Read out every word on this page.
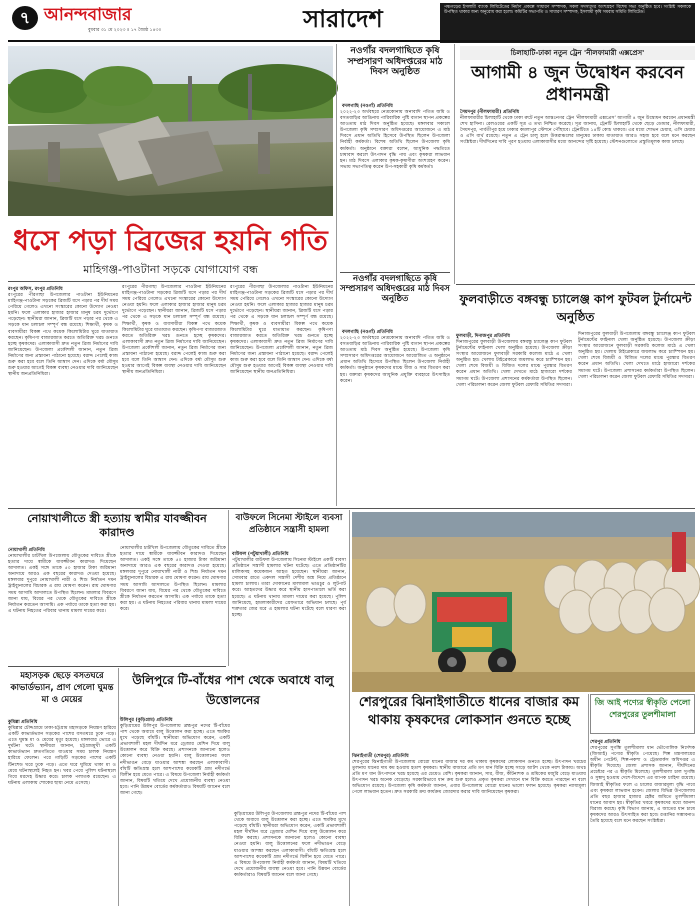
৭ আনন্দবাজার
বুধবার ৩১ মে ২০২৩ ॥ ১৭ জ্যৈষ্ঠ ১৪৩০	সারাদেশ	পঞ্চগড়ের ইসলামী ব্যাংক লিমিটেডের নির্মাণ প্রকল্পে সাধারণ সম্পাদক, সকল সদস্যদের অংশগ্রহণ বিশেষ সভা অনুষ্ঠিত হবে। সংশ্লিষ্ট সকলকে উপস্থিত থাকার জন্য অনুরোধ করা হলো। কমিটির সভাপতি ও সাধারণ সম্পাদক, ইসলামী কৃষি সমবায় সমিতি লিমিটেড।
ধসে পড়া ব্রিজের হয়নি গতি
মাহিগঞ্জ-পাওটানা সড়কে যোগাযোগ বন্ধ
রংপুর অফিস, রংপুর প্রতিনিধি
রংপুরের পীরগাছা উপজেলার পাওটানা ইউনিয়নের মাহিগঞ্জ-পাওটানা সড়কের ব্রিজটি ধসে পড়ার পর দীর্ঘ সময় পেরিয়ে গেলেও এখনো সংস্কারের কোনো উদ্যোগ নেওয়া হয়নি। ফলে এলাকার হাজার হাজার মানুষ চরম দুর্ভোগে পড়েছেন। স্থানীয়রা জানান, ব্রিজটি ধসে পড়ার পর থেকে এ সড়কে যান চলাচল সম্পূর্ণ বন্ধ রয়েছে। শিক্ষার্থী, কৃষক ও ব্যবসায়ীরা বিকল্প পথে কয়েক কিলোমিটার ঘুরে যাতায়াত করছেন। কৃষিপণ্য বাজারজাত করতে অতিরিক্ত খরচ গুনতে হচ্ছে কৃষকদের। এলাকাবাসী দ্রুত নতুন ব্রিজ নির্মাণের দাবি জানিয়েছেন। উপজেলা প্রকৌশলী জানান, নতুন ব্রিজ নির্মাণের জন্য প্রস্তাবনা পাঠানো হয়েছে। বরাদ্দ পেলেই কাজ শুরু করা হবে বলে তিনি আশ্বাস দেন। এদিকে বর্ষা মৌসুম শুরু হওয়ার আগেই বিকল্প ব্যবস্থা নেওয়ার দাবি জানিয়েছেন স্থানীয় জনপ্রতিনিধিরা।
রংপুরের পীরগাছা উপজেলার পাওটানা ইউনিয়নের মাহিগঞ্জ-পাওটানা সড়কের ব্রিজটি ধসে পড়ার পর দীর্ঘ সময় পেরিয়ে গেলেও এখনো সংস্কারের কোনো উদ্যোগ নেওয়া হয়নি। ফলে এলাকার হাজার হাজার মানুষ চরম দুর্ভোগে পড়েছেন। স্থানীয়রা জানান, ব্রিজটি ধসে পড়ার পর থেকে এ সড়কে যান চলাচল সম্পূর্ণ বন্ধ রয়েছে। শিক্ষার্থী, কৃষক ও ব্যবসায়ীরা বিকল্প পথে কয়েক কিলোমিটার ঘুরে যাতায়াত করছেন। কৃষিপণ্য বাজারজাত করতে অতিরিক্ত খরচ গুনতে হচ্ছে কৃষকদের। এলাকাবাসী দ্রুত নতুন ব্রিজ নির্মাণের দাবি জানিয়েছেন। উপজেলা প্রকৌশলী জানান, নতুন ব্রিজ নির্মাণের জন্য প্রস্তাবনা পাঠানো হয়েছে। বরাদ্দ পেলেই কাজ শুরু করা হবে বলে তিনি আশ্বাস দেন। এদিকে বর্ষা মৌসুম শুরু হওয়ার আগেই বিকল্প ব্যবস্থা নেওয়ার দাবি জানিয়েছেন স্থানীয় জনপ্রতিনিধিরা।
রংপুরের পীরগাছা উপজেলার পাওটানা ইউনিয়নের মাহিগঞ্জ-পাওটানা সড়কের ব্রিজটি ধসে পড়ার পর দীর্ঘ সময় পেরিয়ে গেলেও এখনো সংস্কারের কোনো উদ্যোগ নেওয়া হয়নি। ফলে এলাকার হাজার হাজার মানুষ চরম দুর্ভোগে পড়েছেন। স্থানীয়রা জানান, ব্রিজটি ধসে পড়ার পর থেকে এ সড়কে যান চলাচল সম্পূর্ণ বন্ধ রয়েছে। শিক্ষার্থী, কৃষক ও ব্যবসায়ীরা বিকল্প পথে কয়েক কিলোমিটার ঘুরে যাতায়াত করছেন। কৃষিপণ্য বাজারজাত করতে অতিরিক্ত খরচ গুনতে হচ্ছে কৃষকদের। এলাকাবাসী দ্রুত নতুন ব্রিজ নির্মাণের দাবি জানিয়েছেন। উপজেলা প্রকৌশলী জানান, নতুন ব্রিজ নির্মাণের জন্য প্রস্তাবনা পাঠানো হয়েছে। বরাদ্দ পেলেই কাজ শুরু করা হবে বলে তিনি আশ্বাস দেন। এদিকে বর্ষা মৌসুম শুরু হওয়ার আগেই বিকল্প ব্যবস্থা নেওয়ার দাবি জানিয়েছেন স্থানীয় জনপ্রতিনিধিরা।
নওগাঁর বদলগাছিতে কৃষি সম্প্রসারণ অধিদপ্তরের মাঠ দিবস অনুষ্ঠিত
বদলগাছি (নওগাঁ) প্রতিনিধি
২০২২-২৩ অর্থবছরে নেত্রকোনায় অনাবাদি পতিত জমি ও বসতবাড়ির আঙিনায় পারিবারিক পুষ্টি বাগান স্থাপন প্রকল্পের আওতায় মাঠ দিবস অনুষ্ঠিত হয়েছে। মঙ্গলবার সকালে উপজেলা কৃষি সম্প্রসারণ অধিদপ্তরের আয়োজনে এ মাঠ দিবসে প্রধান অতিথি হিসেবে উপস্থিত ছিলেন উপজেলা নির্বাহী কর্মকর্তা। বিশেষ অতিথি ছিলেন উপজেলা কৃষি কর্মকর্তা। অনুষ্ঠানে বক্তারা বলেন, আধুনিক পদ্ধতিতে চাষাবাদ করলে উৎপাদন বৃদ্ধি পায় এবং কৃষকরা লাভবান হন। মাঠ দিবসে এলাকার কৃষক-কৃষাণীরা অংশগ্রহণ করেন। সভায় সভাপতিত্ব করেন উপ-সহকারী কৃষি কর্মকর্তা।
নওগাঁর বদলগাছিতে কৃষি সম্প্রসারণ অধিদপ্তরের মাঠ দিবস অনুষ্ঠিত
বদলগাছি (নওগাঁ) প্রতিনিধি
২০২২-২৩ অর্থবছরে নেত্রকোনায় অনাবাদি পতিত জমি ও বসতবাড়ির আঙিনায় পারিবারিক পুষ্টি বাগান স্থাপন প্রকল্পের আওতায় মাঠ দিবস অনুষ্ঠিত হয়েছে। উপজেলা কৃষি সম্প্রসারণ অধিদপ্তরের আয়োজনে আয়োজিত এ অনুষ্ঠানে প্রধান অতিথি হিসেবে উপস্থিত ছিলেন উপজেলা নির্বাহী কর্মকর্তা। অনুষ্ঠানে কৃষকদের মাঝে বীজ ও সার বিতরণ করা হয়। বক্তারা কৃষকদের আধুনিক প্রযুক্তি ব্যবহারে উৎসাহিত করেন।
চিলাহাটি-ঢাকা নতুন ট্রেন 'নীলফামারী এক্সপ্রেস'
আগামী ৪ জুন উদ্বোধন করবেন প্রধানমন্ত্রী
সৈয়দপুর (নীলফামারী) প্রতিনিধি
নীলফামারীর চিলাহাটি থেকে ঢাকা রুটে নতুন আন্তঃনগর ট্রেন 'নীলফামারী এক্সপ্রেস' আগামী ৪ জুন উদ্বোধন করবেন প্রধানমন্ত্রী শেখ হাসিনা। রেলওয়ের একটি সূত্র এ তথ্য নিশ্চিত করেছে। সূত্র জানায়, ট্রেনটি চিলাহাটি থেকে ছেড়ে ডোমার, নীলফামারী, সৈয়দপুর, পার্বতীপুর হয়ে ঢাকার কমলাপুর স্টেশনে পৌঁছাবে। ট্রেনটিতে ১৪টি কোচ থাকবে। এর মধ্যে শোভন চেয়ার, এসি চেয়ার ও এসি বার্থ রয়েছে। নতুন এ ট্রেন চালু হলে উত্তরাঞ্চলের মানুষের ঢাকায় যাতায়াত আরও সহজ হবে বলে মনে করছেন সংশ্লিষ্টরা। দীর্ঘদিনের দাবি পূরণ হওয়ায় এলাকাবাসীর মধ্যে আনন্দের সৃষ্টি হয়েছে। স্টেশনগুলোতে প্রস্তুতিমূলক কাজ চলছে।
ফুলবাড়ীতে বঙ্গবন্ধু চ্যালেঞ্জ কাপ ফুটবল টুর্নামেন্ট অনুষ্ঠিত
ফুলবাড়ী, দিনাজপুর প্রতিনিধি
দিনাজপুরের ফুলবাড়ী উপজেলায় বঙ্গবন্ধু চ্যালেঞ্জ কাপ ফুটবল টুর্নামেন্টের ফাইনাল খেলা অনুষ্ঠিত হয়েছে। উপজেলা ক্রীড়া সংস্থার আয়োজনে ফুলবাড়ী সরকারি কলেজ মাঠে এ খেলা অনুষ্ঠিত হয়। খেলায় টাইব্রেকারে জয়লাভ করে চ্যাম্পিয়ন হয়। খেলা শেষে বিজয়ী ও বিজিত দলের মাঝে পুরস্কার বিতরণ করেন প্রধান অতিথি। খেলা দেখতে মাঠে হাজারো দর্শকের সমাগম ঘটে। উপজেলা প্রশাসনের কর্মকর্তারা উপস্থিত ছিলেন। খেলা পরিচালনা করেন জেলা ফুটবল রেফারি সমিতির সদস্যরা।
দিনাজপুরের ফুলবাড়ী উপজেলায় বঙ্গবন্ধু চ্যালেঞ্জ কাপ ফুটবল টুর্নামেন্টের ফাইনাল খেলা অনুষ্ঠিত হয়েছে। উপজেলা ক্রীড়া সংস্থার আয়োজনে ফুলবাড়ী সরকারি কলেজ মাঠে এ খেলা অনুষ্ঠিত হয়। খেলায় টাইব্রেকারে জয়লাভ করে চ্যাম্পিয়ন হয়। খেলা শেষে বিজয়ী ও বিজিত দলের মাঝে পুরস্কার বিতরণ করেন প্রধান অতিথি। খেলা দেখতে মাঠে হাজারো দর্শকের সমাগম ঘটে। উপজেলা প্রশাসনের কর্মকর্তারা উপস্থিত ছিলেন। খেলা পরিচালনা করেন জেলা ফুটবল রেফারি সমিতির সদস্যরা।
নোয়াখালীতে স্ত্রী হত্যায় স্বামীর যাবজ্জীবন কারাদণ্ড
নোয়াখালী প্রতিনিধি
নোয়াখালীর চাটখিল উপজেলায় যৌতুকের দাবিতে স্ত্রীকে হত্যার দায়ে স্বামীকে যাবজ্জীবন কারাদণ্ড দিয়েছেন আদালত। একই সঙ্গে তাকে ৫০ হাজার টাকা জরিমানা অনাদায়ে আরও এক বছরের কারাদণ্ড দেওয়া হয়েছে। মঙ্গলবার দুপুরে নোয়াখালী নারী ও শিশু নির্যাতন দমন ট্রাইব্যুনালের বিচারক এ রায় ঘোষণা করেন। রায় ঘোষণার সময় আসামি আদালতে উপস্থিত ছিলেন। মামলার বিবরণে জানা যায়, বিয়ের পর থেকে যৌতুকের দাবিতে স্ত্রীকে নির্যাতন করতেন আসামি। এক পর্যায়ে তাকে হত্যা করা হয়। এ ঘটনায় নিহতের পরিবার থানায় মামলা দায়ের করে।
নোয়াখালীর চাটখিল উপজেলায় যৌতুকের দাবিতে স্ত্রীকে হত্যার দায়ে স্বামীকে যাবজ্জীবন কারাদণ্ড দিয়েছেন আদালত। একই সঙ্গে তাকে ৫০ হাজার টাকা জরিমানা অনাদায়ে আরও এক বছরের কারাদণ্ড দেওয়া হয়েছে। মঙ্গলবার দুপুরে নোয়াখালী নারী ও শিশু নির্যাতন দমন ট্রাইব্যুনালের বিচারক এ রায় ঘোষণা করেন। রায় ঘোষণার সময় আসামি আদালতে উপস্থিত ছিলেন। মামলার বিবরণে জানা যায়, বিয়ের পর থেকে যৌতুকের দাবিতে স্ত্রীকে নির্যাতন করতেন আসামি। এক পর্যায়ে তাকে হত্যা করা হয়। এ ঘটনায় নিহতের পরিবার থানায় মামলা দায়ের করে।
বাউফলে সিনেমা স্টাইলে ব্যবসা প্রতিষ্ঠানে সন্ত্রাসী হামলা
বাউফল (পটুয়াখালী) প্রতিনিধি
পটুয়াখালীর বাউফল উপজেলায় সিনেমা স্টাইলে একটি ব্যবসা প্রতিষ্ঠানে সন্ত্রাসী হামলার ঘটনা ঘটেছে। এতে প্রতিষ্ঠানটির মালিকসহ কয়েকজন আহত হয়েছেন। স্থানীয়রা জানান, সোমবার রাতে একদল সন্ত্রাসী দেশীয় অস্ত্র নিয়ে প্রতিষ্ঠানে হামলা চালায়। তারা দোকানের মালামাল ভাঙচুর ও লুটপাট করে। আহতদের উদ্ধার করে স্থানীয় হাসপাতালে ভর্তি করা হয়েছে। এ ঘটনায় থানায় মামলা দায়ের করা হয়েছে। পুলিশ জানিয়েছে, হামলাকারীদের গ্রেফতারে অভিযান চলছে। পূর্ব শত্রুতার জের ধরে এ হামলার ঘটনা ঘটেছে বলে ধারণা করা হচ্ছে।
শেরপুরের ঝিনাইগাতীতে ধানের বাজার কম থাকায় কৃষকদের লোকসান গুনতে হচ্ছে
ঝিনাইগাতী (শেরপুর) প্রতিনিধি
শেরপুরের ঝিনাইগাতী উপজেলায় বোরো ধানের বাজার দর কম থাকায় কৃষকদের লোকসান গুনতে হচ্ছে। উৎপাদন খরচের তুলনায় ধানের দাম কম হওয়ায় হতাশ কৃষকরা। স্থানীয় বাজারে প্রতি মণ ধান বিক্রি হচ্ছে সাড়ে আটশ থেকে নয়শ টাকায়। অথচ প্রতি মণ ধান উৎপাদনে খরচ হয়েছে এর চেয়েও বেশি। কৃষকরা জানান, সার, বীজ, কীটনাশক ও শ্রমিকের মজুরি বেড়ে যাওয়ায় উৎপাদন খরচ অনেক বেড়েছে। সরকারিভাবে ধান ক্রয় শুরু হলেও প্রকৃত কৃষকরা সেখানে ধান বিক্রি করতে পারছেন না বলে অভিযোগ রয়েছে। উপজেলা কৃষি কর্মকর্তা জানান, এবার উপজেলায় বোরো ধানের ভালো ফলন হয়েছে। কৃষকরা ন্যায্যমূল্য পেলে লাভবান হতেন। দ্রুত সরকারি ক্রয় কার্যক্রম জোরদার করার দাবি জানিয়েছেন কৃষকরা।
জি আই পণ্যের স্বীকৃতি পেলো শেরপুরের তুলশীমালা
শেরপুর প্রতিনিধি
শেরপুরের সুগন্ধি তুলশীমালা ধান ভৌগোলিক নির্দেশক (জিআই) পণ্যের স্বীকৃতি পেয়েছে। শিল্প মন্ত্রণালয়ের অধীন পেটেন্ট, শিল্প-নকশা ও ট্রেডমার্কস অধিদপ্তর এ স্বীকৃতি দিয়েছে। জেলা প্রশাসক জানান, দীর্ঘদিনের প্রচেষ্টার পর এ স্বীকৃতি মিলেছে। তুলশীমালা চাল সুগন্ধি ও সুস্বাদু হওয়ায় দেশে-বিদেশে এর ব্যাপক চাহিদা রয়েছে। জিআই স্বীকৃতির ফলে এ চালের বাজারমূল্য বৃদ্ধি পাবে এবং কৃষকরা লাভবান হবেন। জেলার বিভিন্ন উপজেলায় প্রতি বছর হাজার হাজার হেক্টর জমিতে তুলশীমালা ধানের আবাদ হয়। স্বীকৃতির খবরে কৃষকদের মধ্যে আনন্দ বিরাজ করছে। কৃষি বিভাগ জানায়, এ জাতের ধান চাষে কৃষকদের আরও উৎসাহিত করা হবে। রপ্তানির সম্ভাবনাও তৈরি হয়েছে বলে মনে করছেন সংশ্লিষ্টরা।
মহাসড়ক ছেড়ে বসতঘরে কাভার্ডভ্যান, প্রাণ গেলো ঘুমন্ত মা ও মেয়ের
কুমিল্লা প্রতিনিধি
কুমিল্লার চৌদ্দগ্রামে ঢাকা-চট্টগ্রাম মহাসড়কে নিয়ন্ত্রণ হারিয়ে একটি কাভার্ডভ্যান সড়কের পাশের বসতঘরে ঢুকে পড়ে। এতে ঘুমন্ত মা ও মেয়ের মৃত্যু হয়েছে। মঙ্গলবার ভোরে এ দুর্ঘটনা ঘটে। স্থানীয়রা জানান, চট্টগ্রামমুখী একটি কাভার্ডভ্যান দ্রুতগতিতে যাওয়ার সময় চালক নিয়ন্ত্রণ হারিয়ে ফেলেন। পরে গাড়িটি সড়কের পাশের একটি টিনশেড ঘরে ঢুকে পড়ে। এতে ঘরে ঘুমিয়ে থাকা মা ও মেয়ে ঘটনাস্থলেই নিহত হন। খবর পেয়ে পুলিশ ঘটনাস্থলে গিয়ে মরদেহ উদ্ধার করে। চালক পলাতক রয়েছেন। এ ঘটনায় এলাকায় শোকের ছায়া নেমে এসেছে।
উলিপুরে টি-বাঁধের পাশ থেকে অবাধে বালু উত্তোলনের
উলিপুর (কুড়িগ্রাম) প্রতিনিধি
কুড়িগ্রামের উলিপুর উপজেলায় ব্রহ্মপুত্র নদের টি-বাঁধের পাশ থেকে অবাধে বালু উত্তোলন করা হচ্ছে। এতে হুমকির মুখে পড়েছে বাঁধটি। স্থানীয়রা অভিযোগ করেন, একটি প্রভাবশালী মহল দীর্ঘদিন ধরে ড্রেজার মেশিন দিয়ে বালু উত্তোলন করে বিক্রি করছে। প্রশাসনকে জানানো হলেও কোনো ব্যবস্থা নেওয়া হয়নি। বালু উত্তোলনের ফলে নদীভাঙন বেড়ে যাওয়ার আশঙ্কা করছেন এলাকাবাসী। বাঁধটি ক্ষতিগ্রস্ত হলে আশপাশের কয়েকটি গ্রাম নদীগর্ভে বিলীন হয়ে যেতে পারে। এ বিষয়ে উপজেলা নির্বাহী কর্মকর্তা জানান, বিষয়টি খতিয়ে দেখে প্রয়োজনীয় ব্যবস্থা নেওয়া হবে। পানি উন্নয়ন বোর্ডের কর্মকর্তারাও বিষয়টি জানেন বলে জানা গেছে।
কুড়িগ্রামের উলিপুর উপজেলায় ব্রহ্মপুত্র নদের টি-বাঁধের পাশ থেকে অবাধে বালু উত্তোলন করা হচ্ছে। এতে হুমকির মুখে পড়েছে বাঁধটি। স্থানীয়রা অভিযোগ করেন, একটি প্রভাবশালী মহল দীর্ঘদিন ধরে ড্রেজার মেশিন দিয়ে বালু উত্তোলন করে বিক্রি করছে। প্রশাসনকে জানানো হলেও কোনো ব্যবস্থা নেওয়া হয়নি। বালু উত্তোলনের ফলে নদীভাঙন বেড়ে যাওয়ার আশঙ্কা করছেন এলাকাবাসী। বাঁধটি ক্ষতিগ্রস্ত হলে আশপাশের কয়েকটি গ্রাম নদীগর্ভে বিলীন হয়ে যেতে পারে। এ বিষয়ে উপজেলা নির্বাহী কর্মকর্তা জানান, বিষয়টি খতিয়ে দেখে প্রয়োজনীয় ব্যবস্থা নেওয়া হবে। পানি উন্নয়ন বোর্ডের কর্মকর্তারাও বিষয়টি জানেন বলে জানা গেছে।
